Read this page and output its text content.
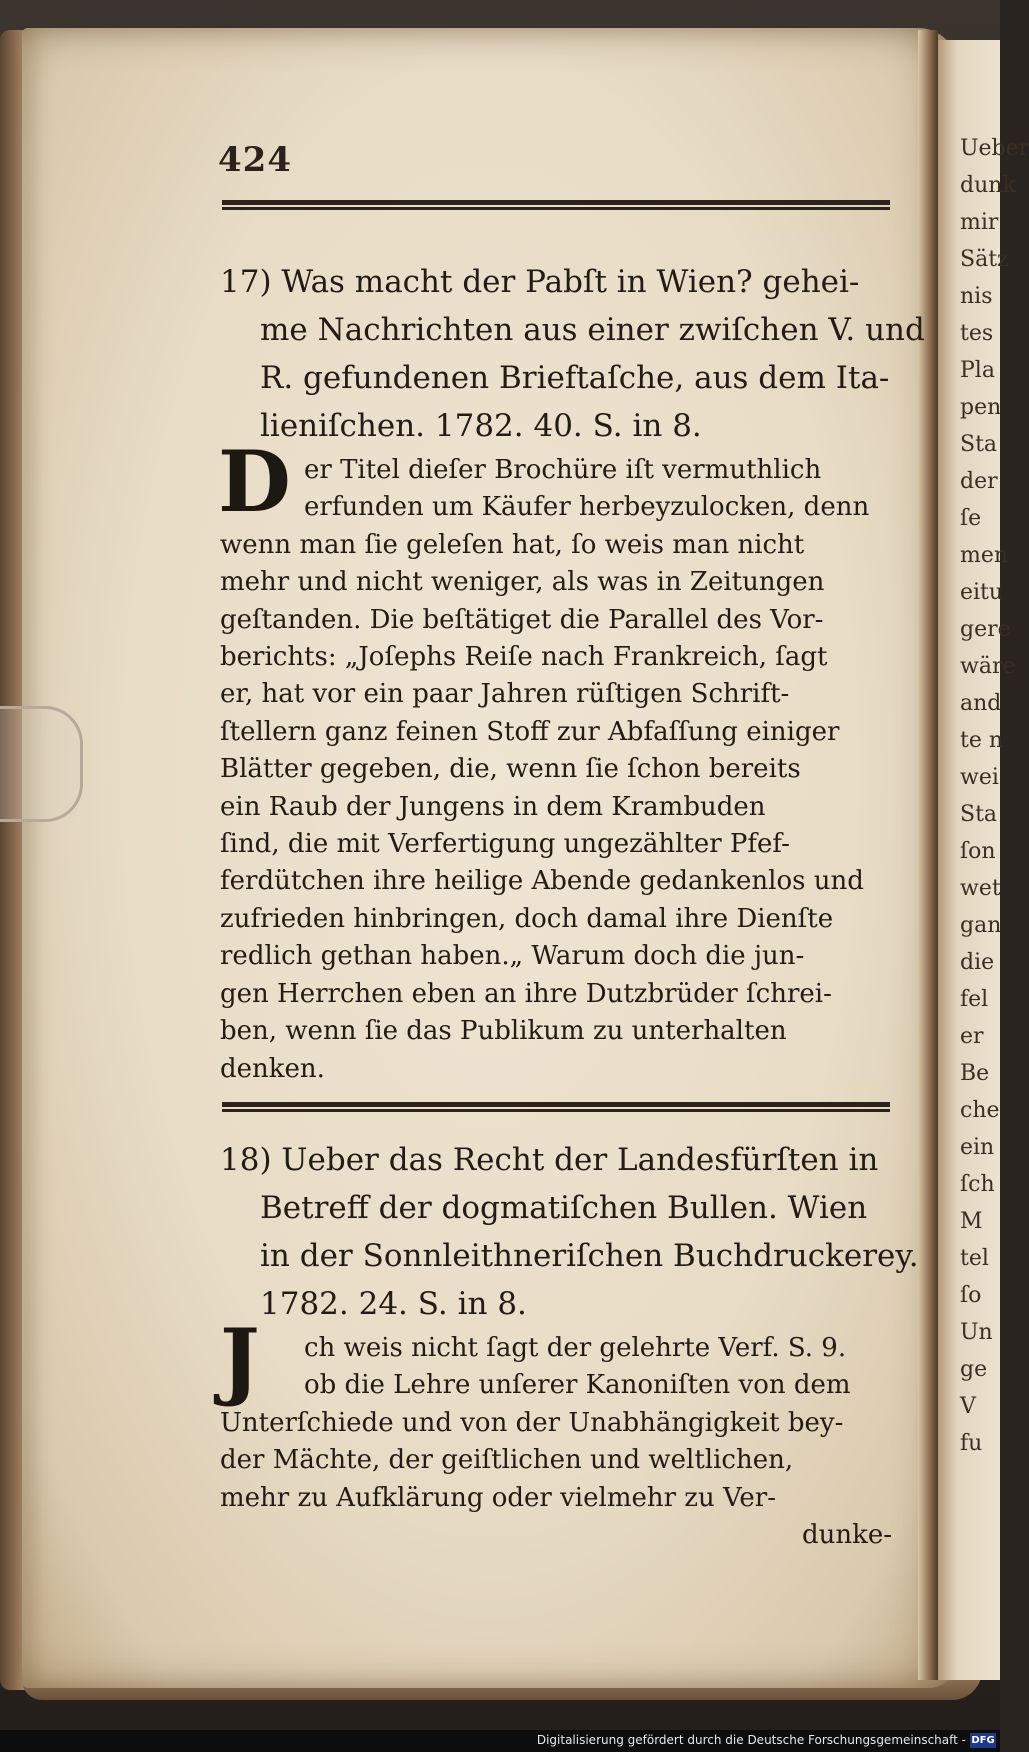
424
17) Was macht der Pabſt in Wien? gehei-
me Nachrichten aus einer zwiſchen V. und
R. gefundenen Brieftaſche, aus dem Ita-
lieniſchen. 1782. 40. S. in 8.
D er Titel dieſer Brochüre iſt vermuthlich
erfunden um Käufer herbeyzulocken, denn
wenn man ſie geleſen hat, ſo weis man nicht
mehr und nicht weniger, als was in Zeitungen
geſtanden. Die beſtätiget die Parallel des Vor-
berichts: „Joſephs Reiſe nach Frankreich, ſagt
er, hat vor ein paar Jahren rüſtigen Schrift-
ſtellern ganz feinen Stoff zur Abfaſſung einiger
Blätter gegeben, die, wenn ſie ſchon bereits
ein Raub der Jungens in dem Krambuden
ſind, die mit Verfertigung ungezählter Pfef-
ferdütchen ihre heilige Abende gedankenlos und
zufrieden hinbringen, doch damal ihre Dienſte
redlich gethan haben.„ Warum doch die jun-
gen Herrchen eben an ihre Dutzbrüder ſchrei-
ben, wenn ſie das Publikum zu unterhalten
denken.
18) Ueber das Recht der Landesfürſten in
Betreff der dogmatiſchen Bullen. Wien
in der Sonnleithneriſchen Buchdruckerey.
1782. 24. S. in 8.
J	ch weis nicht ſagt der gelehrte Verf. S. 9.
ob die Lehre unſerer Kanoniſten von dem
Unterſchiede und von der Unabhängigkeit bey-
der Mächte, der geiſtlichen und weltlichen,
mehr zu Aufklärung oder vielmehr zu Ver-
dunke-
Ueber
dunk
mir
Sätz
nis
tes
Pla
pen
Sta
der
ſe
men
eitu
gere
wäre
and
te n
wei
Sta
ſon
wet
gan
die
fel
er
Be
che
ein
ſch
M
tel
ſo
Un
ge
V
fu
Digitalisierung gefördert durch die Deutsche Forschungsgemeinschaft - DFG
